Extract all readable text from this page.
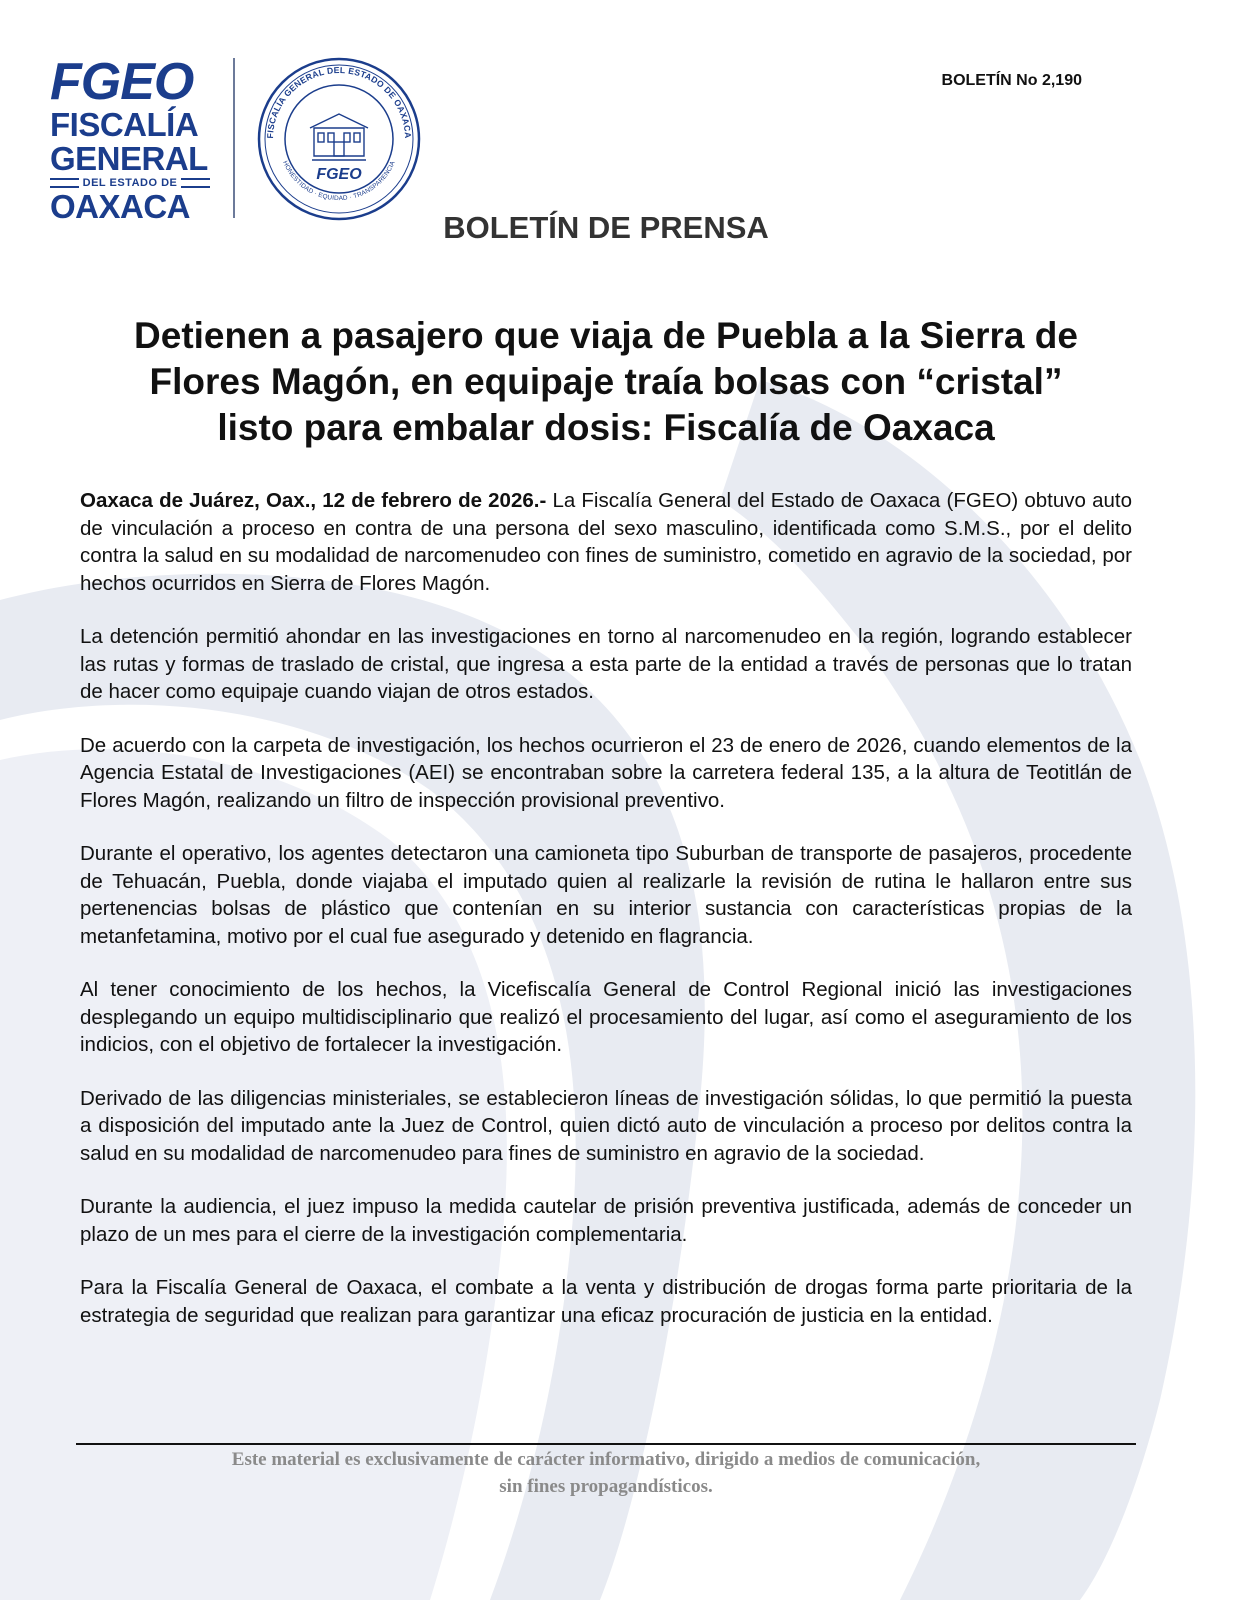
FGEO
FISCALÍA
GENERAL
DEL ESTADO DE
OAXACA
FISCALÍA GENERAL DEL ESTADO DE OAXACA
HONESTIDAD · EQUIDAD · TRANSPARENCIA
FGEO
BOLETÍN No 2,190
BOLETÍN DE PRENSA
Detienen a pasajero que viaja de Puebla a la Sierra de
Flores Magón, en equipaje traía bolsas con “cristal”
listo para embalar dosis: Fiscalía de Oaxaca

Oaxaca de Juárez, Oax., 12 de febrero de 2026.- La Fiscalía General del Estado de Oaxaca (FGEO) obtuvo auto de vinculación a proceso en contra de una persona del sexo masculino, identificada como S.M.S., por el delito contra la salud en su modalidad de narcomenudeo con fines de suministro, cometido en agravio de la sociedad, por hechos ocurridos en Sierra de Flores Magón.

La detención permitió ahondar en las investigaciones en torno al narcomenudeo en la región, logrando establecer las rutas y formas de traslado de cristal, que ingresa a esta parte de la entidad a través de personas que lo tratan de hacer como equipaje cuando viajan de otros estados.

De acuerdo con la carpeta de investigación, los hechos ocurrieron el 23 de enero de 2026, cuando elementos de la Agencia Estatal de Investigaciones (AEI) se encontraban sobre la carretera federal 135, a la altura de Teotitlán de Flores Magón, realizando un filtro de inspección provisional preventivo.

Durante el operativo, los agentes detectaron una camioneta tipo Suburban de transporte de pasajeros, procedente de Tehuacán, Puebla, donde viajaba el imputado quien al realizarle la revisión de rutina le hallaron entre sus pertenencias bolsas de plástico que contenían en su interior sustancia con características propias de la metanfetamina, motivo por el cual fue asegurado y detenido en flagrancia.

Al tener conocimiento de los hechos, la Vicefiscalía General de Control Regional inició las investigaciones desplegando un equipo multidisciplinario que realizó el procesamiento del lugar, así como el aseguramiento de los indicios, con el objetivo de fortalecer la investigación.

Derivado de las diligencias ministeriales, se establecieron líneas de investigación sólidas, lo que permitió la puesta a disposición del imputado ante la Juez de Control, quien dictó auto de vinculación a proceso por delitos contra la salud en su modalidad de narcomenudeo para fines de suministro en agravio de la sociedad.

Durante la audiencia, el juez impuso la medida cautelar de prisión preventiva justificada, además de conceder un plazo de un mes para el cierre de la investigación complementaria.

Para la Fiscalía General de Oaxaca, el combate a la venta y distribución de drogas forma parte prioritaria de la estrategia de seguridad que realizan para garantizar una eficaz procuración de justicia en la entidad.

Este material es exclusivamente de carácter informativo, dirigido a medios de comunicación,
sin fines propagandísticos.
